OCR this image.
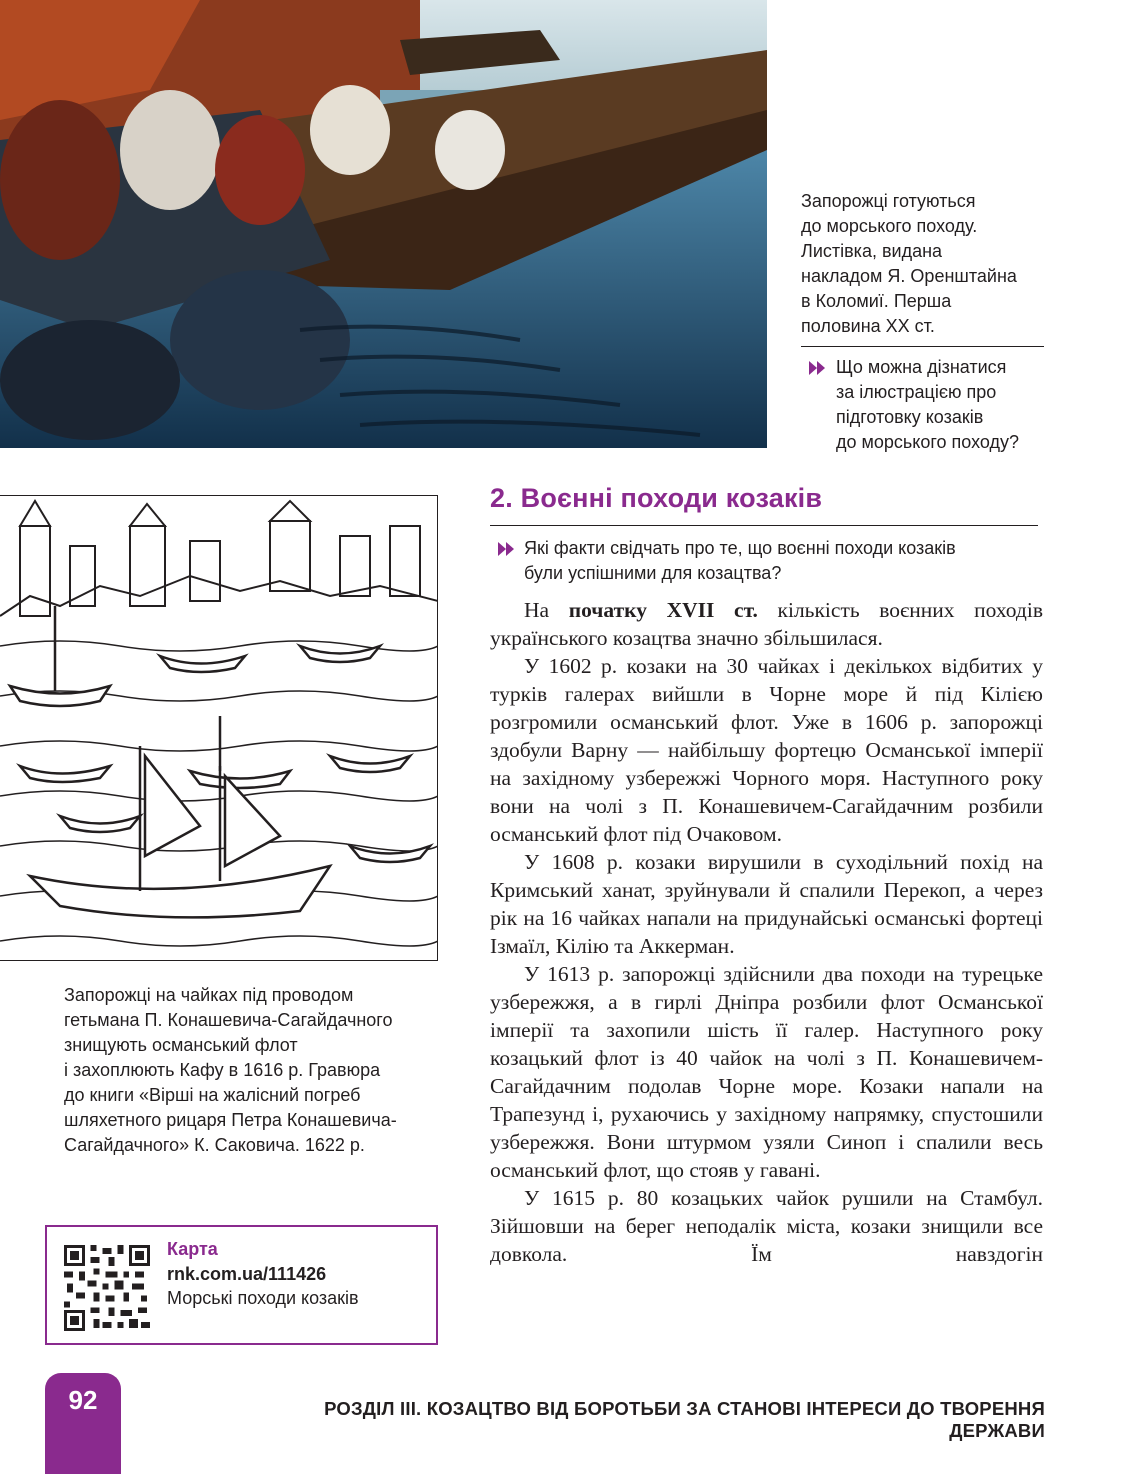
Запорожці готуються
до морського походу.
Листівка, видана
накладом Я. Оренштайна
в Коломиї. Перша
половина XX ст.
Що можна дізнатися
за ілюстрацією про
підготовку козаків
до морського походу?
Запорожці на чайках під проводом
гетьмана П. Конашевича-Сагайдачного
знищують османський флот
і захоплюють Кафу в 1616 р. Гравюра
до книги «Вірші на жалісний погреб
шляхетного рицаря Петра Конашевича-
Сагайдачного» К. Саковича. 1622 р.
2. Воєнні походи козаків
Які факти свідчать про те, що воєнні походи козаків
були успішними для козацтва?

На початку XVII ст. кількість воєнних походів українського козацтва значно збільшилася.

У 1602 р. козаки на 30 чайках і декількох відбитих у турків галерах вийшли в Чорне море й під Кілією розгромили османський флот. Уже в 1606 р. запорожці здобули Варну — найбільшу фортецю Османської імперії на західному узбережжі Чорного моря. Наступного року вони на чолі з П. Конашевичем-Сагайдачним розбили османський флот під Очаковом.

У 1608 р. козаки вирушили в суходільний похід на Кримський ханат, зруйнували й спалили Перекоп, а через рік на 16 чайках напали на придунайські османські фортеці Ізмаїл, Кілію та Аккерман.

У 1613 р. запорожці здійснили два походи на турецьке узбережжя, а в гирлі Дніпра розбили флот Османської імперії та захопили шість її галер. Наступного року козацький флот із 40 чайок на чолі з П. Конашевичем-Сагайдачним подолав Чорне море. Козаки напали на Трапезунд і, рухаючись у західному напрямку, спустошили узбережжя. Вони штурмом узяли Синоп і спалили весь османський флот, що стояв у гавані.

У 1615 р. 80 козацьких чайок рушили на Стамбул. Зійшовши на берег неподалік міста, козаки знищили все довкола. Їм навздогін

Карта
rnk.com.ua/111426
Морські походи козаків
92	РОЗДІЛ III. КОЗАЦТВО ВІД БОРОТЬБИ ЗА СТАНОВІ ІНТЕРЕСИ ДО ТВОРЕННЯ ДЕРЖАВИ
